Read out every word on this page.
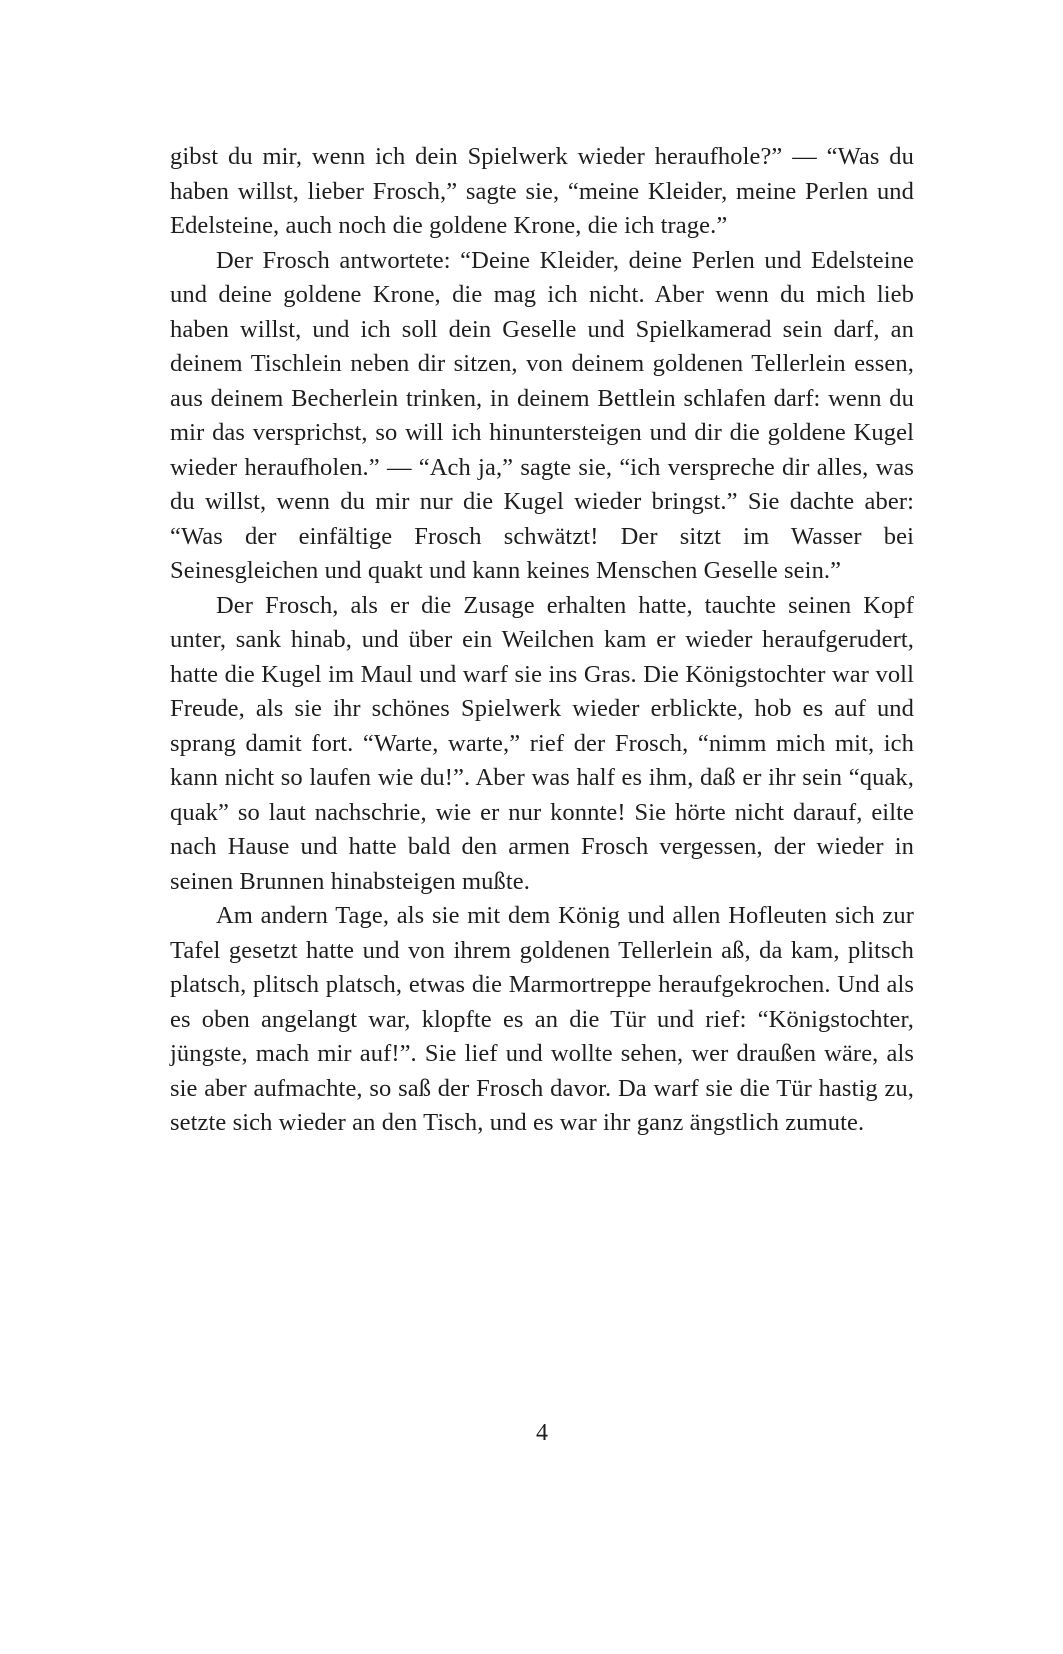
gibst du mir, wenn ich dein Spielwerk wieder heraufhole?” — “Was du haben willst, lieber Frosch,” sagte sie, “meine Kleider, meine Perlen und Edelsteine, auch noch die goldene Krone, die ich trage.”

Der Frosch antwortete: “Deine Kleider, deine Perlen und Edelsteine und deine goldene Krone, die mag ich nicht. Aber wenn du mich lieb haben willst, und ich soll dein Geselle und Spielkamerad sein darf, an deinem Tischlein neben dir sitzen, von deinem goldenen Tellerlein essen, aus deinem Becherlein trinken, in deinem Bettlein schlafen darf: wenn du mir das versprichst, so will ich hinuntersteigen und dir die goldene Kugel wieder heraufholen.” — “Ach ja,” sagte sie, “ich verspreche dir alles, was du willst, wenn du mir nur die Kugel wieder bringst.” Sie dachte aber: “Was der einfältige Frosch schwätzt! Der sitzt im Wasser bei Seinesgleichen und quakt und kann keines Menschen Geselle sein.”

Der Frosch, als er die Zusage erhalten hatte, tauchte seinen Kopf unter, sank hinab, und über ein Weilchen kam er wieder heraufgerudert, hatte die Kugel im Maul und warf sie ins Gras. Die Königstochter war voll Freude, als sie ihr schönes Spielwerk wieder erblickte, hob es auf und sprang damit fort. “Warte, warte,” rief der Frosch, “nimm mich mit, ich kann nicht so laufen wie du!”. Aber was half es ihm, daß er ihr sein “quak, quak” so laut nachschrie, wie er nur konnte! Sie hörte nicht darauf, eilte nach Hause und hatte bald den armen Frosch vergessen, der wieder in seinen Brunnen hinabsteigen mußte.

Am andern Tage, als sie mit dem König und allen Hofleuten sich zur Tafel gesetzt hatte und von ihrem goldenen Tellerlein aß, da kam, plitsch platsch, plitsch platsch, etwas die Marmortreppe heraufgekrochen. Und als es oben angelangt war, klopfte es an die Tür und rief: “Königstochter, jüngste, mach mir auf!”. Sie lief und wollte sehen, wer draußen wäre, als sie aber aufmachte, so saß der Frosch davor. Da warf sie die Tür hastig zu, setzte sich wieder an den Tisch, und es war ihr ganz ängstlich zumute.

4
